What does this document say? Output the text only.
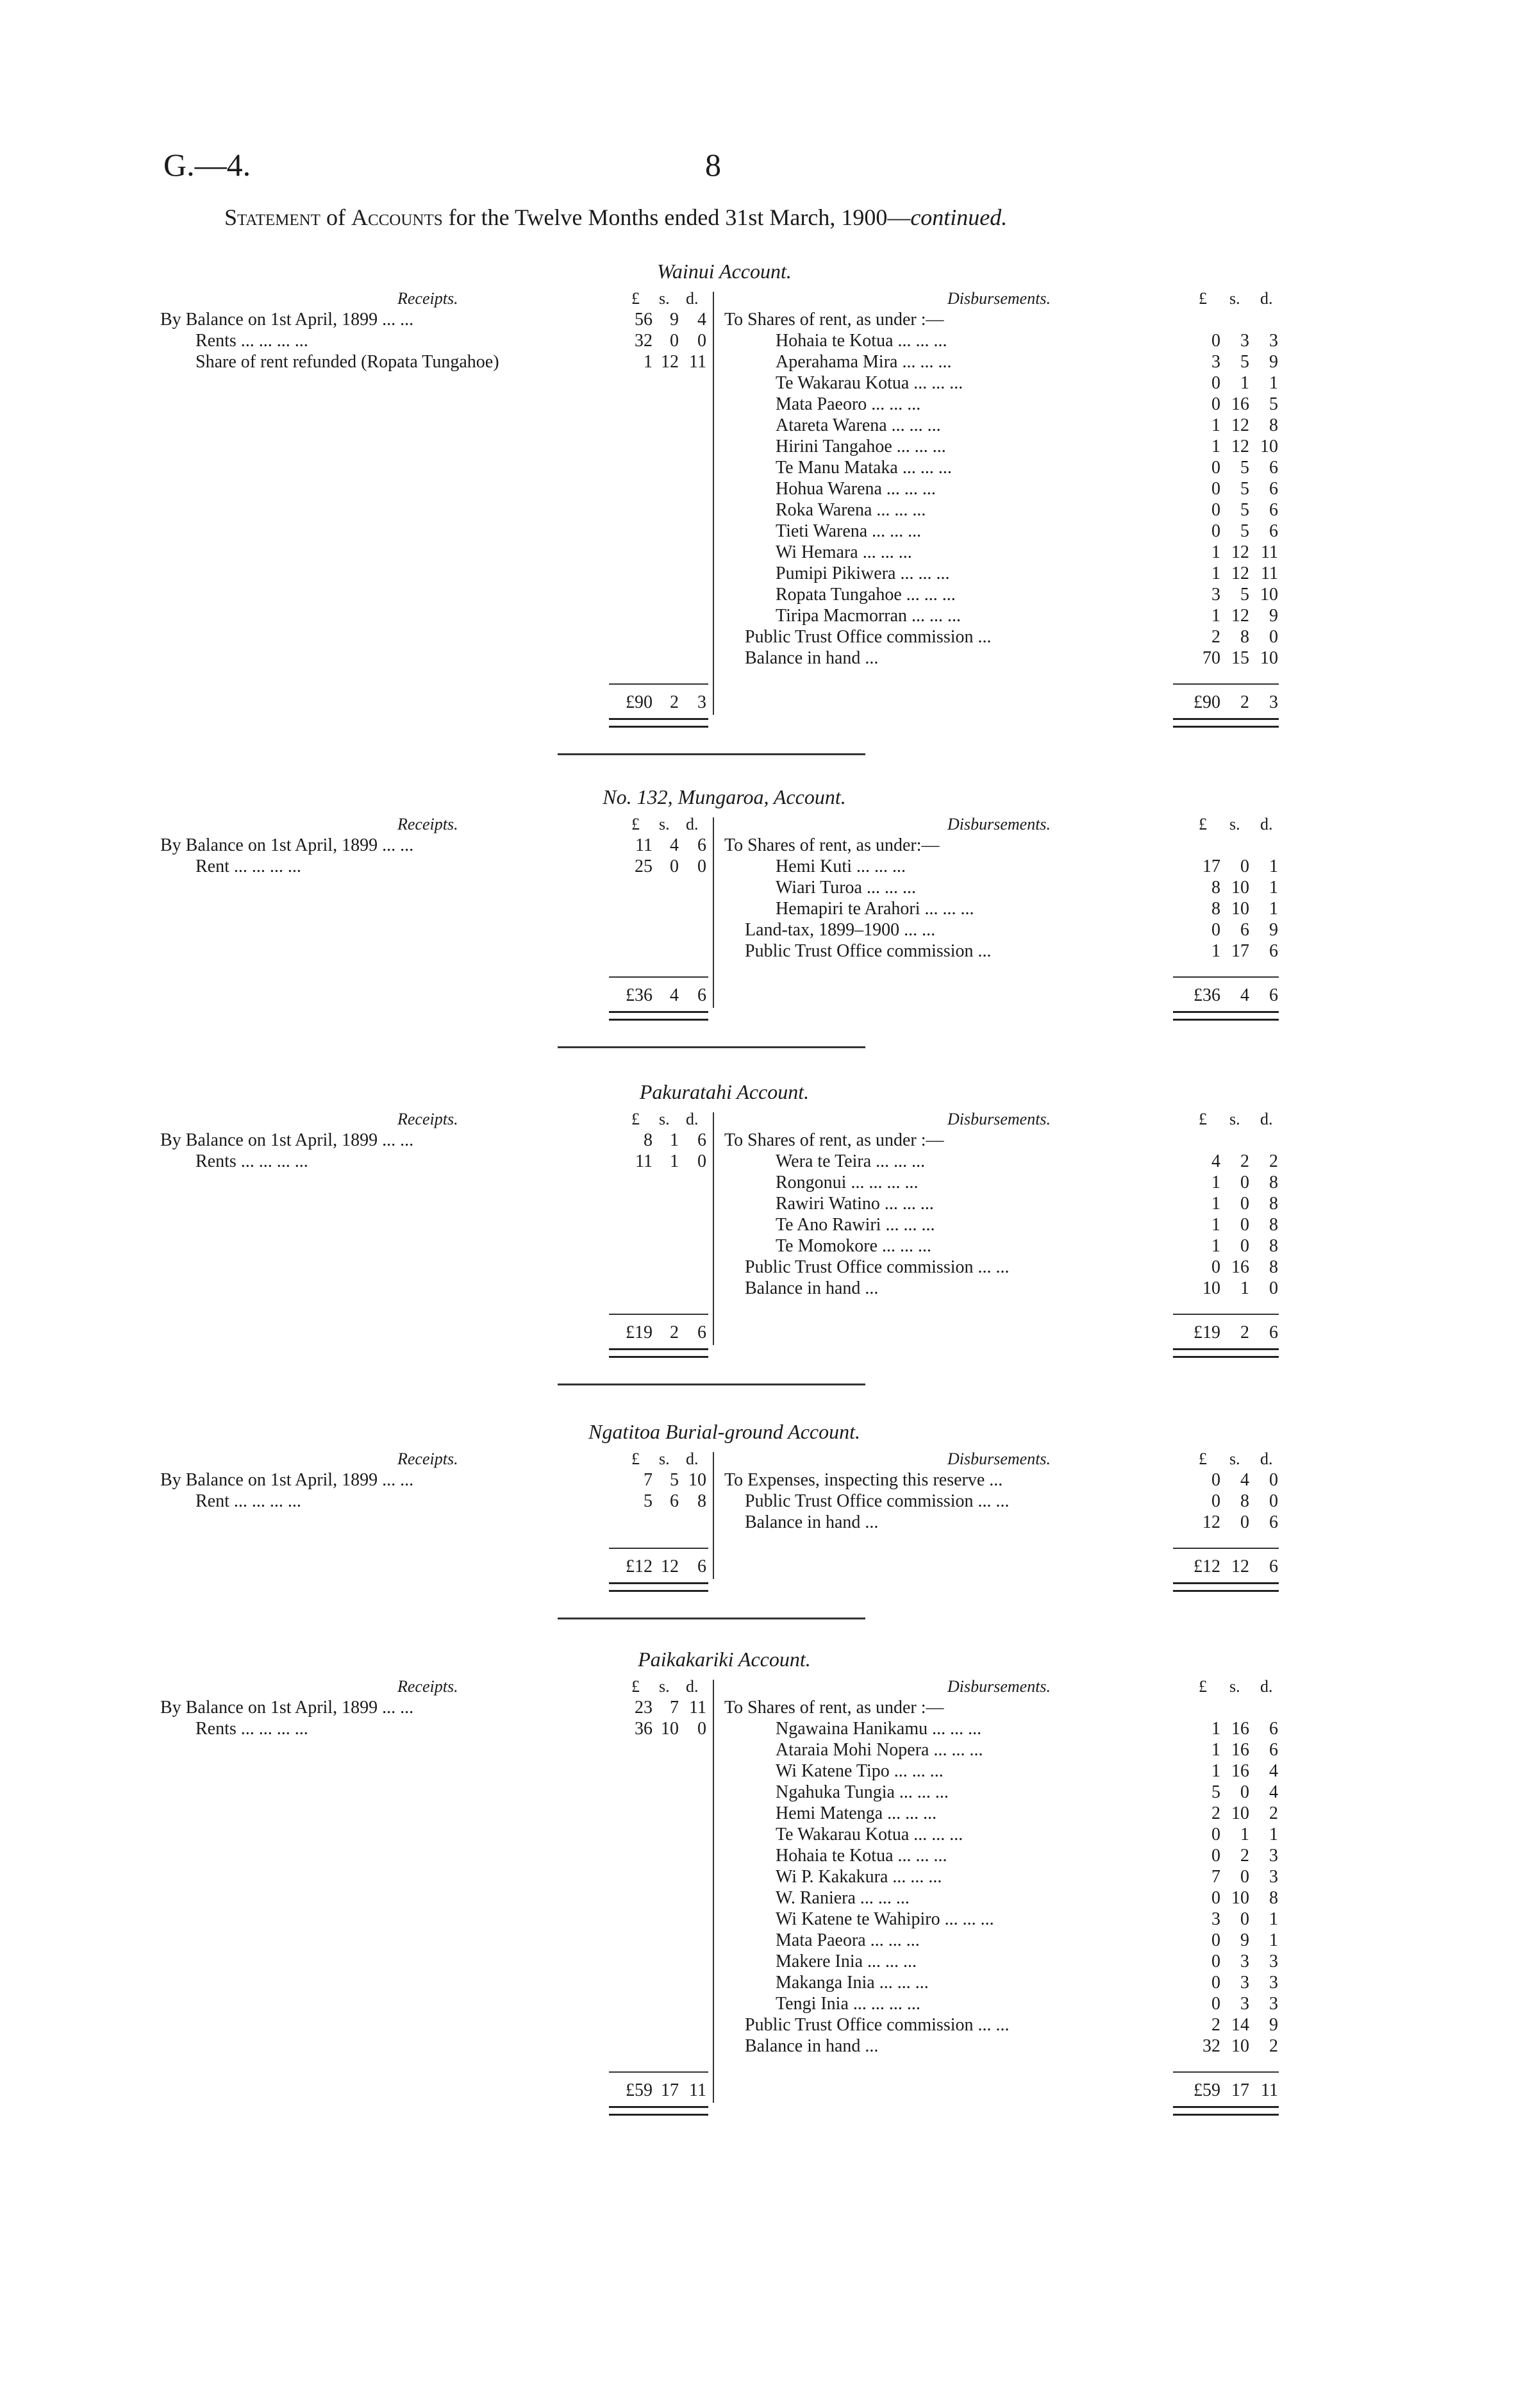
G.—4.	8
Statement of Accounts for the Twelve Months ended 31st March, 1900—continued.
Wainui Account.
Receipts.	£ s. d.	Disbursements.	£ s. d.
By Balance on 1st April, 1899 ... ...	56 9	4
Rents ... ... ... ...	32 0	0
Share of rent refunded (Ropata Tungahoe)	1 12 11
To Shares of rent, as under :—
Hohaia te Kotua ... ... ...	0	3	3
Aperahama Mira ... ... ...	3	5	9
Te Wakarau Kotua ... ... ...	0	1	1
Mata Paeoro ... ... ...	0 16	5
Atareta Warena ... ... ...	1 12	8
Hirini Tangahoe ... ... ...	1 12 10
Te Manu Mataka ... ... ...	0	5	6
Hohua Warena ... ... ...	0	5	6
Roka Warena ... ... ...	0	5	6
Tieti Warena ... ... ...	0	5	6
Wi Hemara ... ... ...	1 12 11
Pumipi Pikiwera ... ... ...	1 12 11
Ropata Tungahoe ... ... ...	3	5 10
Tiripa Macmorran ... ... ...	1 12	9
Public Trust Office commission ...	2	8	0
Balance in hand ...	70 15 10
£90 2	3	£90	2	3
No. 132, Mungaroa, Account.
Receipts.	£ s. d.	Disbursements.	£ s. d.
By Balance on 1st April, 1899 ... ...	11 4	6
Rent ... ... ... ...	25 0	0
To Shares of rent, as under:—
Hemi Kuti ... ... ...	17	0	1
Wiari Turoa ... ... ...	8 10	1
Hemapiri te Arahori ... ... ...	8 10	1
Land-tax, 1899–1900 ... ...	0	6	9
Public Trust Office commission ...	1 17	6
£36 4	6	£36	4	6
Pakuratahi Account.
Receipts.	£ s. d.	Disbursements.	£ s. d.
By Balance on 1st April, 1899 ... ...	8 1	6
Rents ... ... ... ...	11 1	0
To Shares of rent, as under :—
Wera te Teira ... ... ...	4	2	2
Rongonui ... ... ... ...	1	0	8
Rawiri Watino ... ... ...	1	0	8
Te Ano Rawiri ... ... ...	1	0	8
Te Momokore ... ... ...	1	0	8
Public Trust Office commission ... ...	0 16	8
Balance in hand ...	10	1	0
£19 2	6	£19	2	6
Ngatitoa Burial-ground Account.
Receipts.	£ s. d.	Disbursements.	£ s. d.
By Balance on 1st April, 1899 ... ...	7 5 10
Rent ... ... ... ...	5 6	8
To Expenses, inspecting this reserve ...	0	4	0
Public Trust Office commission ... ...	0	8	0
Balance in hand ...	12	0	6
£12 12	6	£12 12	6
Paikakariki Account.
Receipts.	£ s. d.	Disbursements.	£ s. d.
By Balance on 1st April, 1899 ... ...	23 7 11
Rents ... ... ... ...	36 10	0
To Shares of rent, as under :—
Ngawaina Hanikamu ... ... ...	1 16	6
Ataraia Mohi Nopera ... ... ...	1 16	6
Wi Katene Tipo ... ... ...	1 16	4
Ngahuka Tungia ... ... ...	5	0	4
Hemi Matenga ... ... ...	2 10	2
Te Wakarau Kotua ... ... ...	0	1	1
Hohaia te Kotua ... ... ...	0	2	3
Wi P. Kakakura ... ... ...	7	0	3
W. Raniera ... ... ...	0 10	8
Wi Katene te Wahipiro ... ... ...	3	0	1
Mata Paeora ... ... ...	0	9	1
Makere Inia ... ... ...	0	3	3
Makanga Inia ... ... ...	0	3	3
Tengi Inia ... ... ... ...	0	3	3
Public Trust Office commission ... ...	2 14	9
Balance in hand ...	32 10	2
£59 17 11	£59 17 11
